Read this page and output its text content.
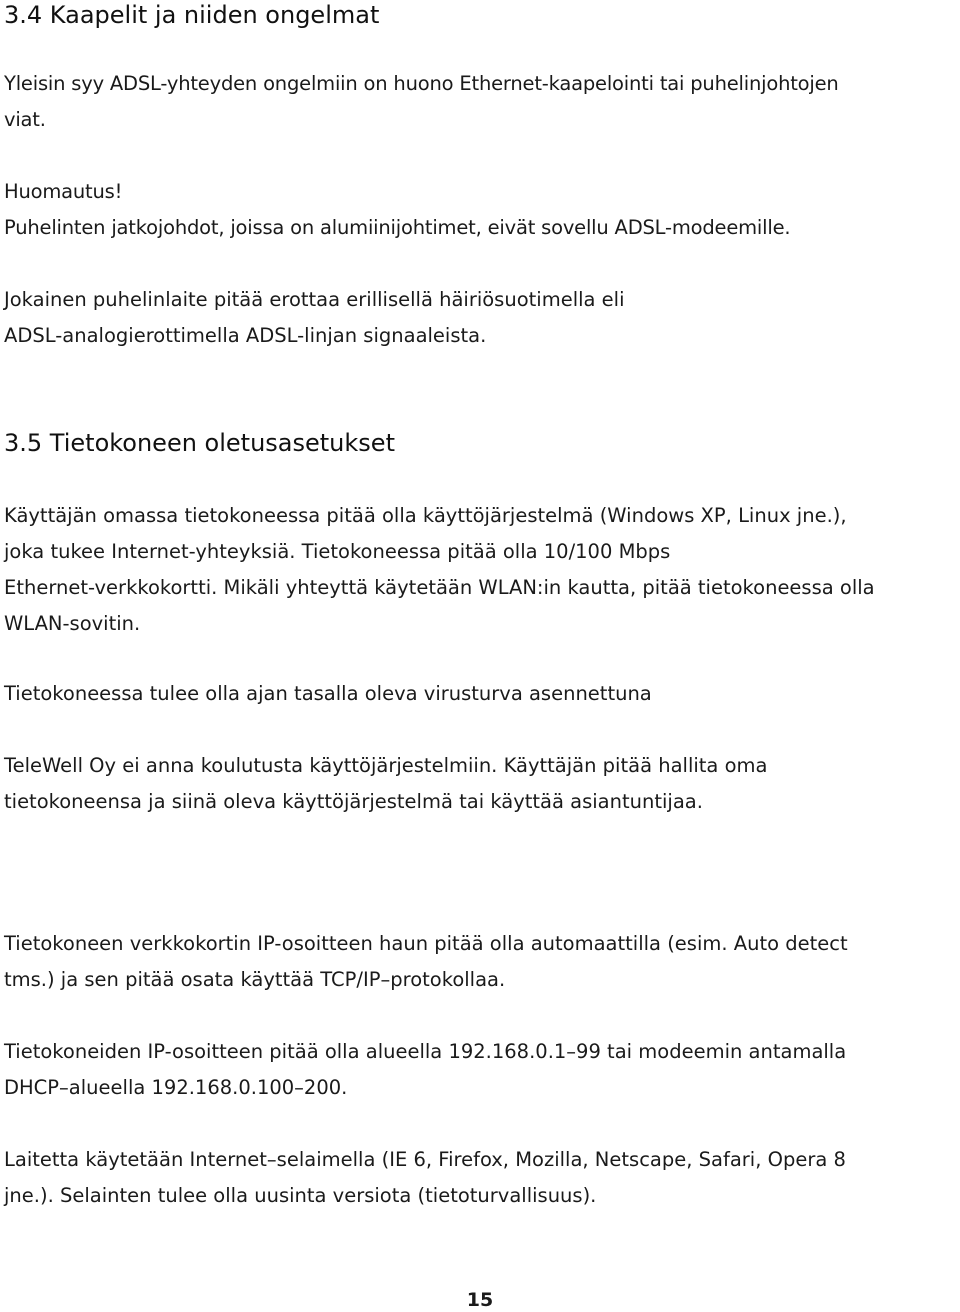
3.4 Kaapelit ja niiden ongelmat

Yleisin syy ADSL-yhteyden ongelmiin on huono Ethernet-kaapelointi tai puhelinjohtojen
viat.

Huomautus!
Puhelinten jatkojohdot, joissa on alumiinijohtimet, eivät sovellu ADSL-modeemille.

Jokainen puhelinlaite pitää erottaa erillisellä häiriösuotimella eli
ADSL-analogierottimella ADSL-linjan signaaleista.

3.5 Tietokoneen oletusasetukset

Käyttäjän omassa tietokoneessa pitää olla käyttöjärjestelmä (Windows XP, Linux jne.),
joka tukee Internet-yhteyksiä. Tietokoneessa pitää olla 10/100 Mbps
Ethernet-verkkokortti. Mikäli yhteyttä käytetään WLAN:in kautta, pitää tietokoneessa olla
WLAN-sovitin.

Tietokoneessa tulee olla ajan tasalla oleva virusturva asennettuna

TeleWell Oy ei anna koulutusta käyttöjärjestelmiin. Käyttäjän pitää hallita oma
tietokoneensa ja siinä oleva käyttöjärjestelmä tai käyttää asiantuntijaa.

Tietokoneen verkkokortin IP-osoitteen haun pitää olla automaattilla (esim. Auto detect
tms.) ja sen pitää osata käyttää TCP/IP–protokollaa.

Tietokoneiden IP-osoitteen pitää olla alueella 192.168.0.1–99 tai modeemin antamalla
DHCP–alueella 192.168.0.100–200.

Laitetta käytetään Internet–selaimella (IE 6, Firefox, Mozilla, Netscape, Safari, Opera 8
jne.). Selainten tulee olla uusinta versiota (tietoturvallisuus).

15
